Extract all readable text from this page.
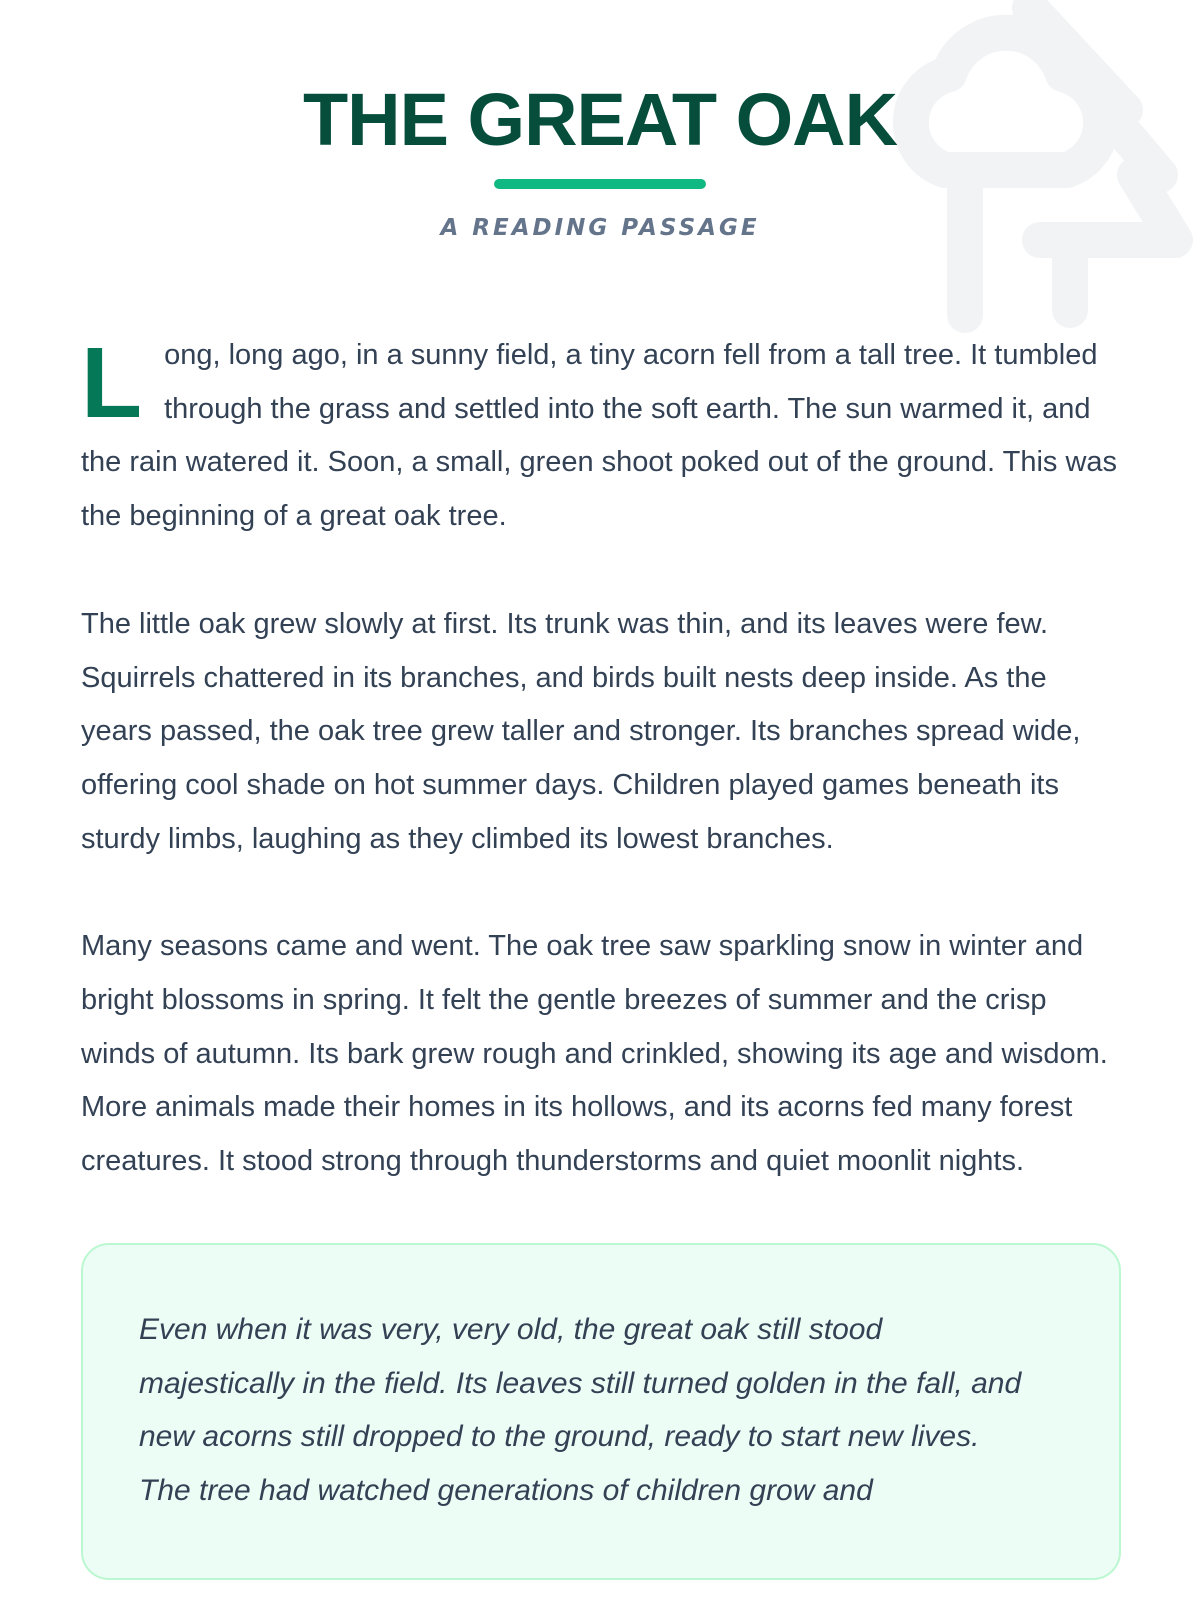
THE GREAT OAK
A READING PASSAGE

Long, long ago, in a sunny field, a tiny acorn fell from a tall tree. It tumbled through the grass and settled into the soft earth. The sun warmed it, and the rain watered it. Soon, a small, green shoot poked out of the ground. This was the beginning of a great oak tree.

The little oak grew slowly at first. Its trunk was thin, and its leaves were few. Squirrels chattered in its branches, and birds built nests deep inside. As the years passed, the oak tree grew taller and stronger. Its branches spread wide, offering cool shade on hot summer days. Children played games beneath its sturdy limbs, laughing as they climbed its lowest branches.

Many seasons came and went. The oak tree saw sparkling snow in winter and bright blossoms in spring. It felt the gentle breezes of summer and the crisp winds of autumn. Its bark grew rough and crinkled, showing its age and wisdom. More animals made their homes in its hollows, and its acorns fed many forest creatures. It stood strong through thunderstorms and quiet moonlit nights.

Even when it was very, very old, the great oak still stood majestically in the field. Its leaves still turned golden in the fall, and new acorns still dropped to the ground, ready to start new lives. The tree had watched generations of children grow and
